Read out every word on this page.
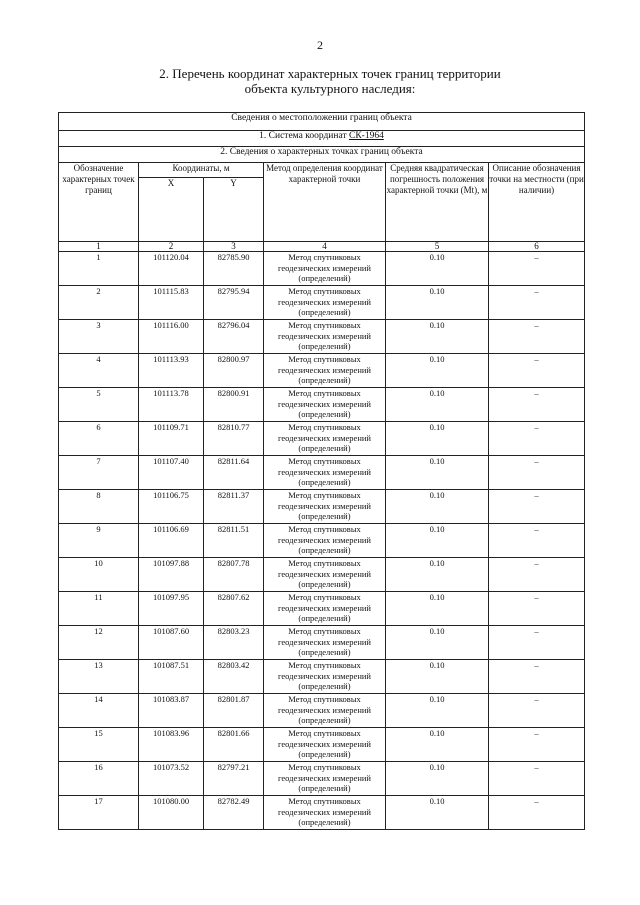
2
2. Перечень координат характерных точек границ территории
объекта культурного наследия:
Сведения о местоположении границ объекта					
1. Система координат СК-1964					
2. Сведения о характерных точках границ объекта					
Обозначение характерных точек границ	Координаты, м		Метод определения координат характерной точки	Средняя квадратическая погрешность положения характерной точки (Mt), м	Описание обозначения точки на местности (при наличии)
	X	Y			
1	2	3	4	5	6
1	101120.04	82785.90	Метод спутниковых
геодезических измерений
(определений)	0.10	–
2	101115.83	82795.94	Метод спутниковых
геодезических измерений
(определений)	0.10	–
3	101116.00	82796.04	Метод спутниковых
геодезических измерений
(определений)	0.10	–
4	101113.93	82800.97	Метод спутниковых
геодезических измерений
(определений)	0.10	–
5	101113.78	82800.91	Метод спутниковых
геодезических измерений
(определений)	0.10	–
6	101109.71	82810.77	Метод спутниковых
геодезических измерений
(определений)	0.10	–
7	101107.40	82811.64	Метод спутниковых
геодезических измерений
(определений)	0.10	–
8	101106.75	82811.37	Метод спутниковых
геодезических измерений
(определений)	0.10	–
9	101106.69	82811.51	Метод спутниковых
геодезических измерений
(определений)	0.10	–
10	101097.88	82807.78	Метод спутниковых
геодезических измерений
(определений)	0.10	–
11	101097.95	82807.62	Метод спутниковых
геодезических измерений
(определений)	0.10	–
12	101087.60	82803.23	Метод спутниковых
геодезических измерений
(определений)	0.10	–
13	101087.51	82803.42	Метод спутниковых
геодезических измерений
(определений)	0.10	–
14	101083.87	82801.87	Метод спутниковых
геодезических измерений
(определений)	0.10	–
15	101083.96	82801.66	Метод спутниковых
геодезических измерений
(определений)	0.10	–
16	101073.52	82797.21	Метод спутниковых
геодезических измерений
(определений)	0.10	–
17	101080.00	82782.49	Метод спутниковых
геодезических измерений
(определений)	0.10	–
